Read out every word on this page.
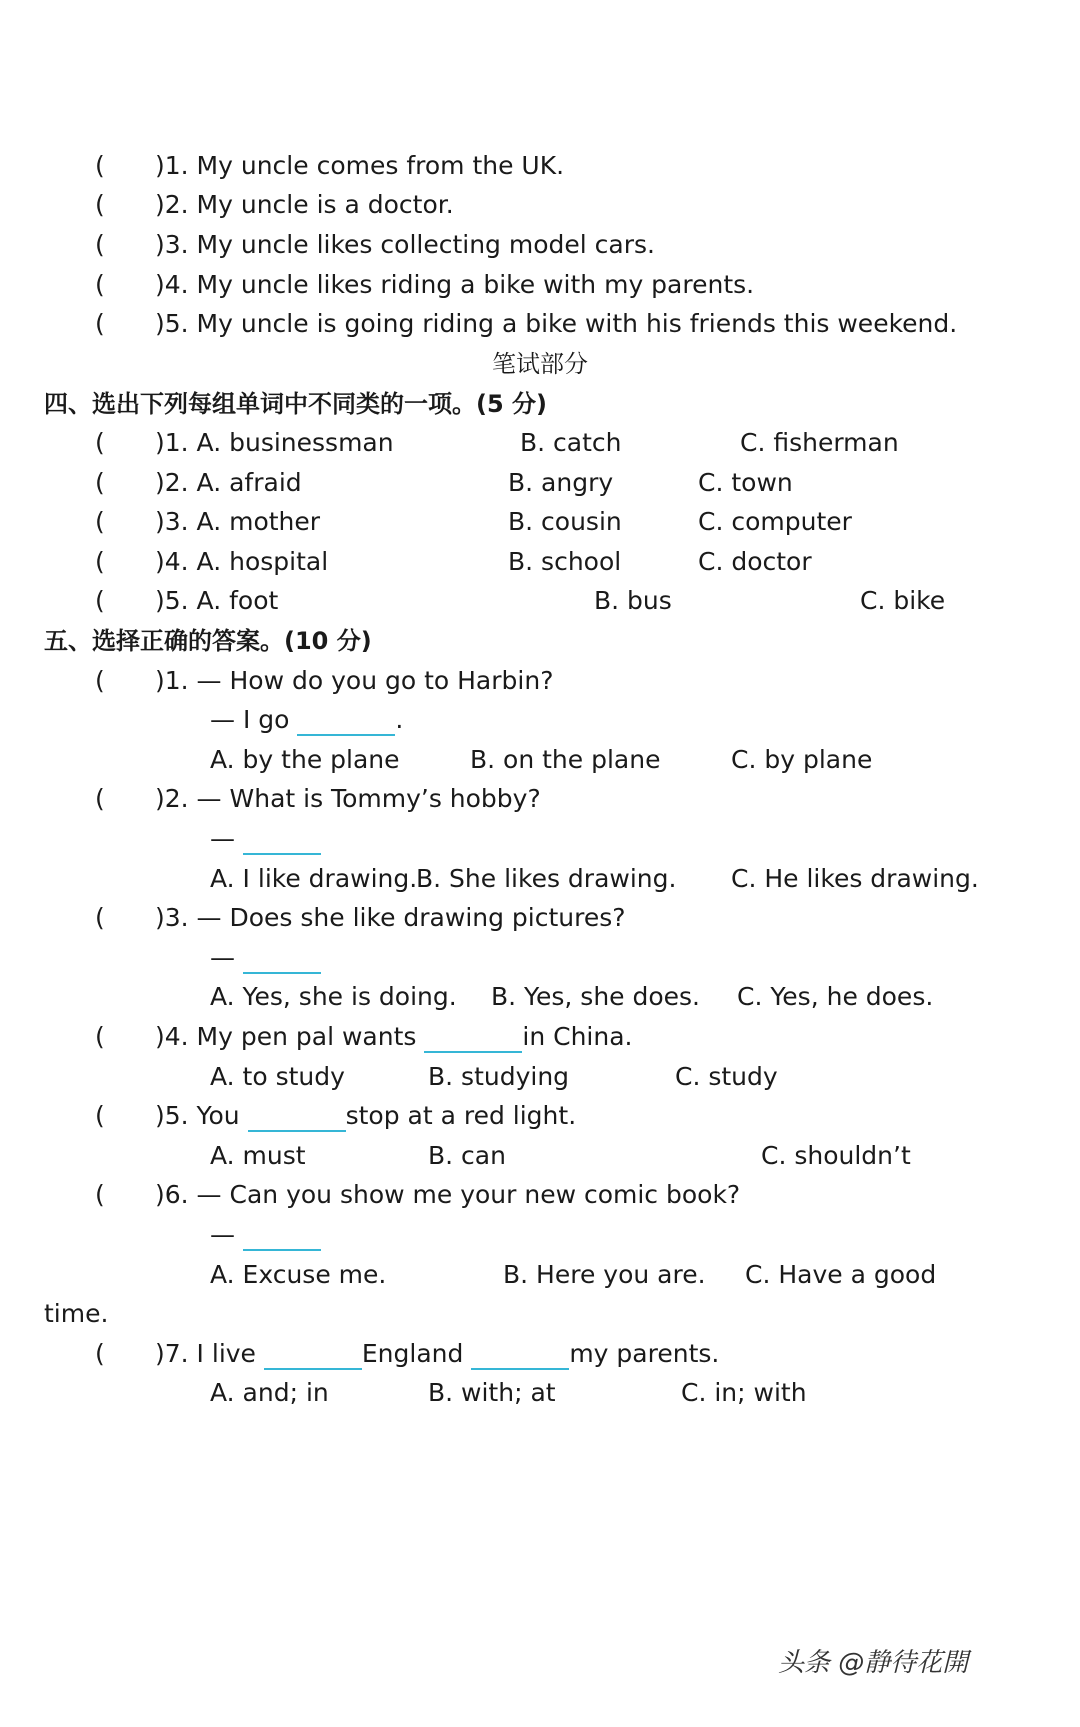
( )1. My uncle comes from the UK.
( )2. My uncle is a doctor.
( )3. My uncle likes collecting model cars.
( )4. My uncle likes riding a bike with my parents.
( )5. My uncle is going riding a bike with his friends this weekend.
笔试部分
四、选出下列每组单词中不同类的一项。(5 分)
( )1. A. businessman	B. catch	C. fisherman
( )2. A. afraid	B. angry	C. town
( )3. A. mother	B. cousin	C. computer
( )4. A. hospital	B. school	C. doctor
( )5. A. foot	B. bus	C. bike
五、选择正确的答案。(10 分)
( )1. — How do you go to Harbin?
— I go	.
A. by the plane	B. on the plane	C. by plane
( )2. — What is Tommy’s hobby?
—
A. I like drawing.
B. She likes drawing. C. He likes drawing.
( )3. — Does she like drawing pictures?
—
A. Yes, she is doing. B. Yes, she does. C. Yes, he does.
( )4. My pen pal wants	in China.
A. to study	B. studying	C. study
( )5. You	stop at a red light.
A. must	B. can	C. shouldn’t
( )6. — Can you show me your new comic book?
—
A. Excuse me.	B. Here you are. C. Have a good
time.
( )7. I live	England	my parents.
A. and; in	B. with; at	C. in; with
头条 @静待花開
